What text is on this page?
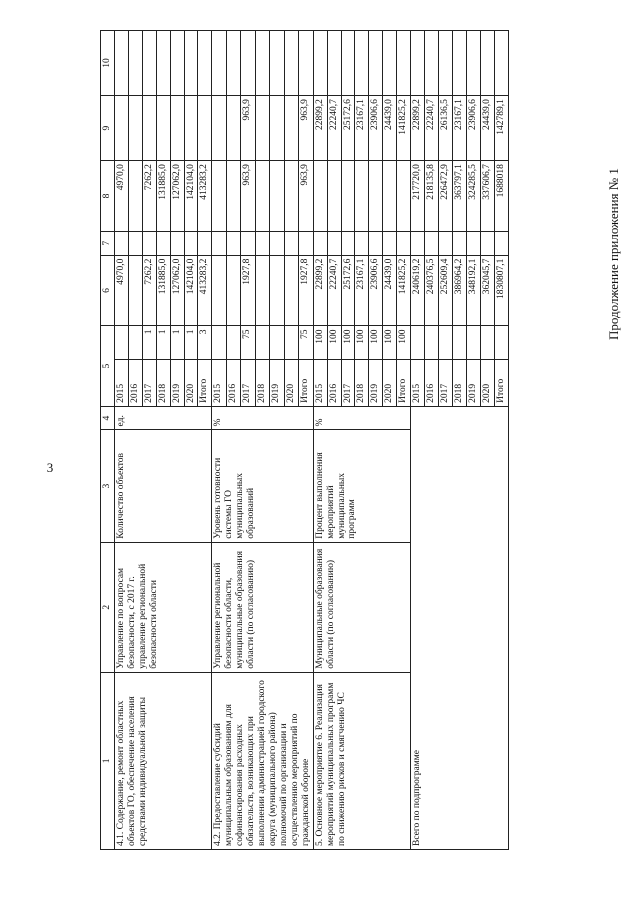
3
Продолжение приложения № 1
1	2	3	4	5		6	7	8	9	10
4.1. Содержание, ремонт областных объектов ГО, обеспечение населения средствами индивидуальной защиты	Управление по вопросам безопасности, с 2017 г. управление региональной безопасности области	Количество объектов	ед.	2015		4970,0		4970,0		
				2016						
				2017	1	7262,2		7262,2		
				2018	1	131885,0		131885,0		
				2019	1	127062,0		127062,0		
				2020	1	142104,0		142104,0		
				Итого	3	413283,2		413283,2		
4.2. Предоставление субсидий муниципальным образованиям для софинансирования расходных обязательств, возникающих при выполнении администрацией городского округа (муниципального района) полномочий по организации и осуществлению мероприятий по гражданской обороне	Управление региональной безопасности области, муниципальные образования области (по согласованию)	Уровень готовности системы ГО муниципальных образований	%	2015						
				2016						
				2017	75	1927,8		963,9	963,9	
				2018						
				2019						
				2020						
				Итого	75	1927,8		963,9	963,9	
5. Основное мероприятие 6. Реализация мероприятий муниципальных программ по снижению рисков и смягчению ЧС	Муниципальные образования области (по согласованию)	Процент выполнения мероприятий муниципальных программ	%	2015	100	22899,2			22899,2	
				2016	100	22240,7			22240,7	
				2017	100	25172,6			25172,6	
				2018	100	23167,1			23167,1	
				2019	100	23906,6			23906,6	
				2020	100	24439,0			24439,0	
				Итого	100	141825,2			141825,2	
Всего по подпрограмме				2015		240619,2		217720,0	22899,2	
				2016		240376,5		218135,8	22240,7	
				2017		252609,4		226472,9	26136,5	
				2018		386964,2		363797,1	23167,1	
				2019		348192,1		324285,5	23906,6	
				2020		362045,7		337606,7	24439,0	
				Итого		1830807,1		1688018	142789,1	
